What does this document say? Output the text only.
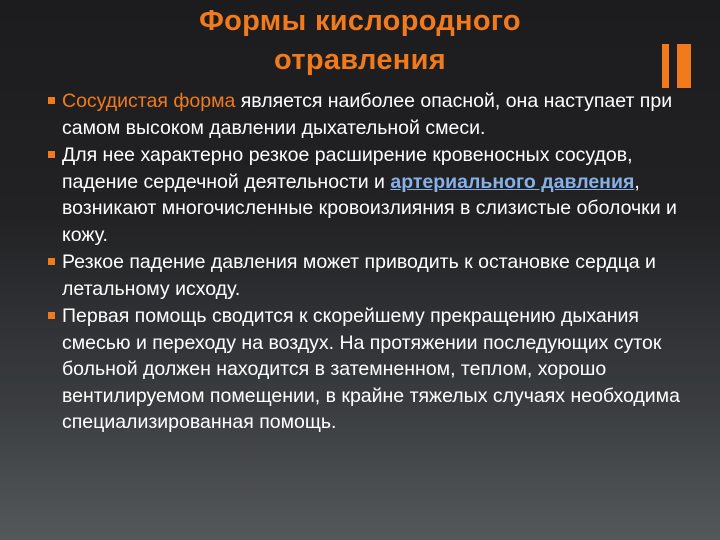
Формы кислородного
отравления
Сосудистая форма является наиболее опасной, она наступает при самом высоком давлении дыхательной смеси.
Для нее характерно резкое расширение кровеносных сосудов, падение сердечной деятельности и артериального давления, возникают многочисленные кровоизлияния в слизистые оболочки и кожу.
Резкое падение давления может приводить к остановке сердца и летальному исходу.
Первая помощь сводится к скорейшему прекращению дыхания смесью и переходу на воздух. На протяжении последующих суток больной должен находится в затемненном, теплом, хорошо вентилируемом помещении, в крайне тяжелых случаях необходима специализированная помощь.
